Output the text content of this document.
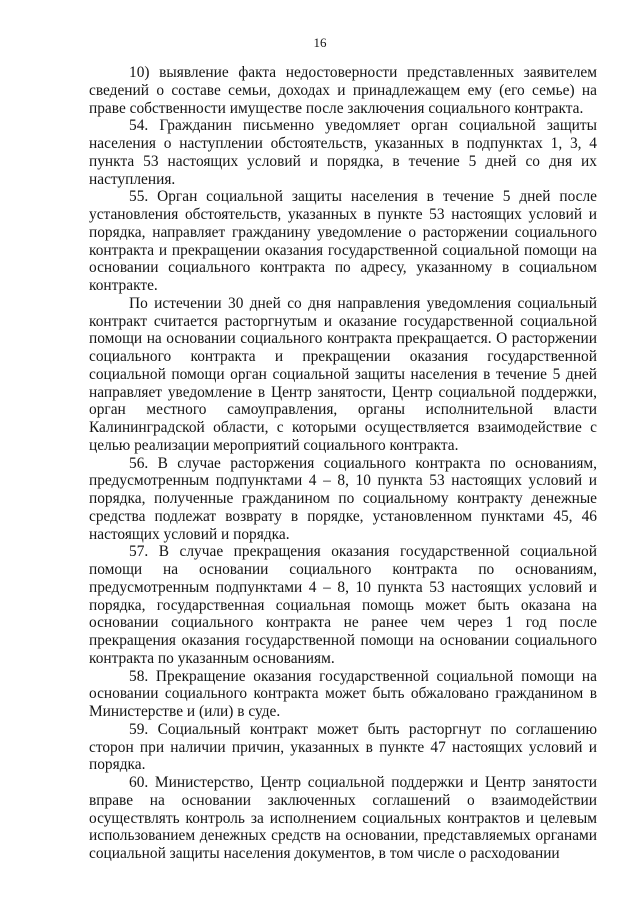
16

10) выявление факта недостоверности представленных заявителем сведений о составе семьи, доходах и принадлежащем ему (его семье) на праве собственности имуществе после заключения социального контракта.

54. Гражданин письменно уведомляет орган социальной защиты населения о наступлении обстоятельств, указанных в подпунктах 1, 3, 4 пункта 53 настоящих условий и порядка, в течение 5 дней со дня их наступления.

55. Орган социальной защиты населения в течение 5 дней после установления обстоятельств, указанных в пункте 53 настоящих условий и порядка, направляет гражданину уведомление о расторжении социального контракта и прекращении оказания государственной социальной помощи на основании социального контракта по адресу, указанному в социальном контракте.

По истечении 30 дней со дня направления уведомления социальный контракт считается расторгнутым и оказание государственной социальной помощи на основании социального контракта прекращается. О расторжении социального контракта и прекращении оказания государственной социальной помощи орган социальной защиты населения в течение 5 дней направляет уведомление в Центр занятости, Центр социальной поддержки, орган местного самоуправления, органы исполнительной власти Калининградской области, с которыми осуществляется взаимодействие с целью реализации мероприятий социального контракта.

56. В случае расторжения социального контракта по основаниям, предусмотренным подпунктами 4 – 8, 10 пункта 53 настоящих условий и порядка, полученные гражданином по социальному контракту денежные средства подлежат возврату в порядке, установленном пунктами 45, 46 настоящих условий и порядка.

57. В случае прекращения оказания государственной социальной помощи на основании социального контракта по основаниям, предусмотренным подпунктами 4 – 8, 10 пункта 53 настоящих условий и порядка, государственная социальная помощь может быть оказана на основании социального контракта не ранее чем через 1 год после прекращения оказания государственной помощи на основании социального контракта по указанным основаниям.

58. Прекращение оказания государственной социальной помощи на основании социального контракта может быть обжаловано гражданином в Министерстве и (или) в суде.

59. Социальный контракт может быть расторгнут по соглашению сторон при наличии причин, указанных в пункте 47 настоящих условий и порядка.

60. Министерство, Центр социальной поддержки и Центр занятости вправе на основании заключенных соглашений о взаимодействии осуществлять контроль за исполнением социальных контрактов и целевым использованием денежных средств на основании, представляемых органами социальной защиты населения документов, в том числе о расходовании
